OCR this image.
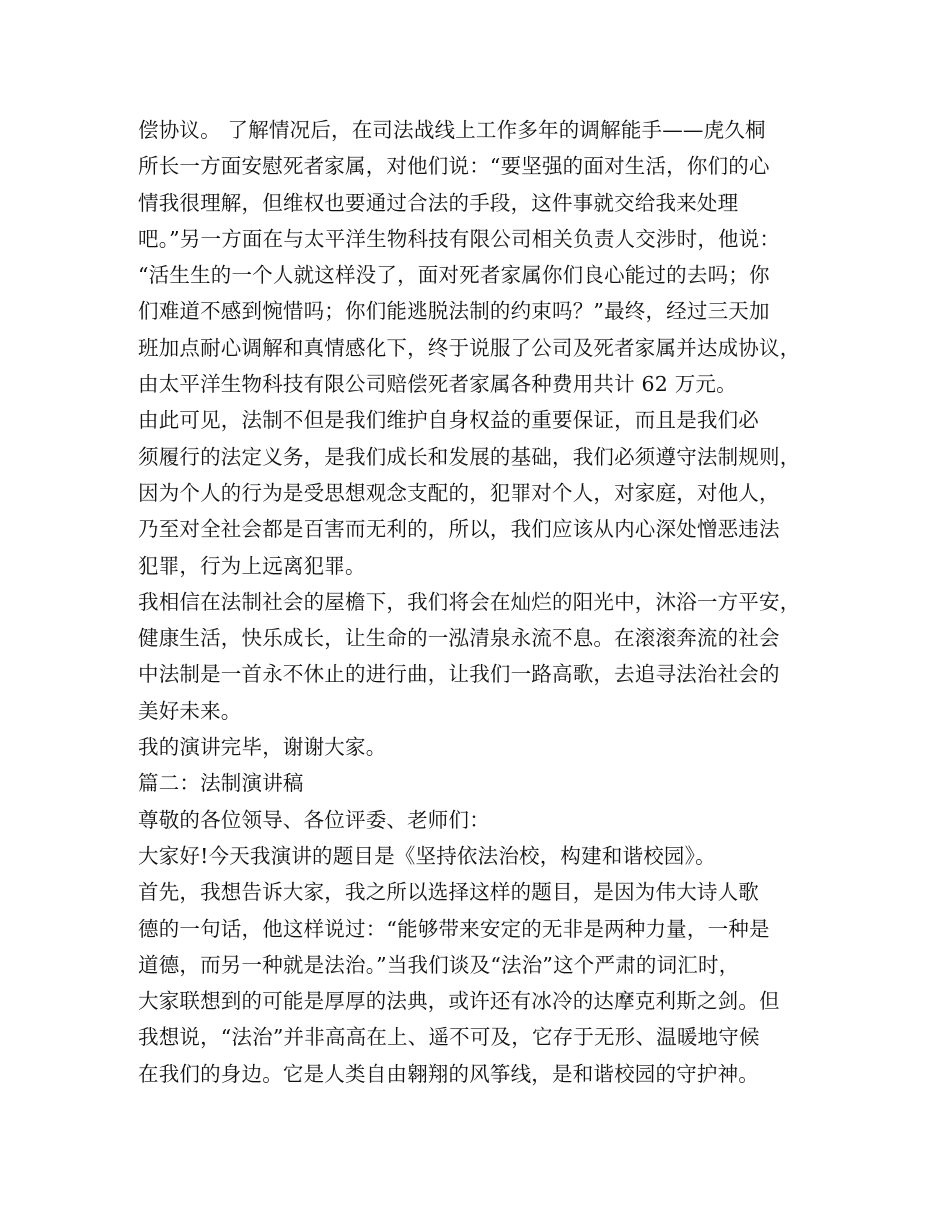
偿协议。 了解情况后，在司法战线上工作多年的调解能手——虎久桐
所长一方面安慰死者家属，对他们说：“要坚强的面对生活，你们的心
情我很理解，但维权也要通过合法的手段，这件事就交给我来处理
吧。”另一方面在与太平洋生物科技有限公司相关负责人交涉时，他说：
“活生生的一个人就这样没了，面对死者家属你们良心能过的去吗；你
们难道不感到惋惜吗；你们能逃脱法制的约束吗？”最终，经过三天加
班加点耐心调解和真情感化下，终于说服了公司及死者家属并达成协议，
由太平洋生物科技有限公司赔偿死者家属各种费用共计 62 万元。
由此可见，法制不但是我们维护自身权益的重要保证，而且是我们必
须履行的法定义务，是我们成长和发展的基础，我们必须遵守法制规则，
因为个人的行为是受思想观念支配的，犯罪对个人，对家庭，对他人，
乃至对全社会都是百害而无利的，所以，我们应该从内心深处憎恶违法
犯罪，行为上远离犯罪。
我相信在法制社会的屋檐下，我们将会在灿烂的阳光中，沐浴一方平安，
健康生活，快乐成长，让生命的一泓清泉永流不息。在滚滚奔流的社会
中法制是一首永不休止的进行曲，让我们一路高歌，去追寻法治社会的
美好未来。
我的演讲完毕，谢谢大家。
篇二：法制演讲稿
尊敬的各位领导、各位评委、老师们：
大家好!今天我演讲的题目是《坚持依法治校，构建和谐校园》。
首先，我想告诉大家，我之所以选择这样的题目，是因为伟大诗人歌
德的一句话，他这样说过：“能够带来安定的无非是两种力量，一种是
道德，而另一种就是法治。”当我们谈及“法治”这个严肃的词汇时，
大家联想到的可能是厚厚的法典，或许还有冰冷的达摩克利斯之剑。但
我想说，“法治”并非高高在上、遥不可及，它存于无形、温暖地守候
在我们的身边。它是人类自由翱翔的风筝线，是和谐校园的守护神。
